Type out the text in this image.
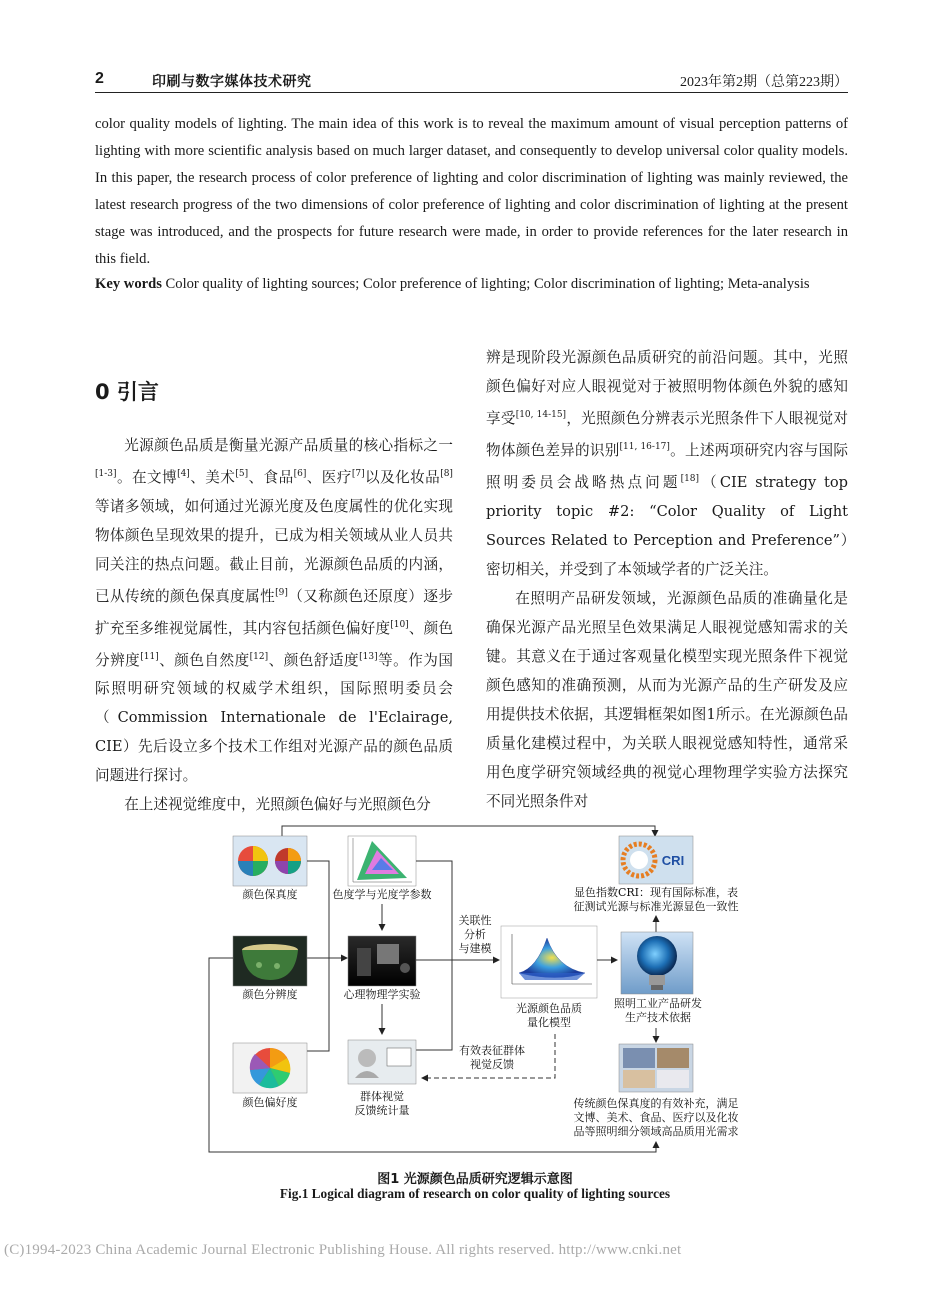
2	印刷与数字媒体技术研究	2023年第2期（总第223期）
color quality models of lighting. The main idea of this work is to reveal the maximum amount of visual perception patterns of lighting with more scientific analysis based on much larger dataset, and consequently to develop universal color quality models. In this paper, the research process of color preference of lighting and color discrimination of lighting was mainly reviewed, the latest research progress of the two dimensions of color preference of lighting and color discrimination of lighting at the present stage was introduced, and the prospects for future research were made, in order to provide references for the later research in this field.
Key words Color quality of lighting sources; Color preference of lighting; Color discrimination of lighting; Meta-analysis
0 引言

光源颜色品质是衡量光源产品质量的核心指标之一[1-3]。在文博[4]、美术[5]、食品[6]、医疗[7]以及化妆品[8]等诸多领域，如何通过光源光度及色度属性的优化实现物体颜色呈现效果的提升，已成为相关领域从业人员共同关注的热点问题。截止目前，光源颜色品质的内涵，已从传统的颜色保真度属性[9]（又称颜色还原度）逐步扩充至多维视觉属性，其内容包括颜色偏好度[10]、颜色分辨度[11]、颜色自然度[12]、颜色舒适度[13]等。作为国际照明研究领域的权威学术组织，国际照明委员会（Commission Internationale de l'Eclairage, CIE）先后设立多个技术工作组对光源产品的颜色品质问题进行探讨。

在上述视觉维度中，光照颜色偏好与光照颜色分

辨是现阶段光源颜色品质研究的前沿问题。其中，光照颜色偏好对应人眼视觉对于被照明物体颜色外貌的感知享受[10, 14-15]，光照颜色分辨表示光照条件下人眼视觉对物体颜色差异的识别[11, 16-17]。上述两项研究内容与国际照明委员会战略热点问题[18]（CIE strategy top priority topic #2: “Color Quality of Light Sources Related to Perception and Preference”）密切相关，并受到了本领域学者的广泛关注。

在照明产品研发领域，光源颜色品质的准确量化是确保光源产品光照呈色效果满足人眼视觉感知需求的关键。其意义在于通过客观量化模型实现光照条件下视觉颜色感知的准确预测，从而为光源产品的生产研发及应用提供技术依据，其逻辑框架如图1所示。在光源颜色品质量化建模过程中，为关联人眼视觉感知特性，通常采用色度学研究领域经典的视觉心理物理学实验方法探究不同光照条件对

颜色保真度	色度学与光度学参数
CRI
显色指数CRI：现有国际标准，表
征测试光源与标准光源显色一致性
颜色分辨度	心理物理学实验
关联性
分析
与建模
光源颜色品质
量化模型
照明工业产品研发
生产技术依据
颜色偏好度	群体视觉
反馈统计量
有效表征群体
视觉反馈
传统颜色保真度的有效补充，满足
文博、美术、食品、医疗以及化妆
品等照明细分领域高品质用光需求
图1 光源颜色品质研究逻辑示意图
Fig.1 Logical diagram of research on color quality of lighting sources
(C)1994-2023 China Academic Journal Electronic Publishing House. All rights reserved. http://www.cnki.net
